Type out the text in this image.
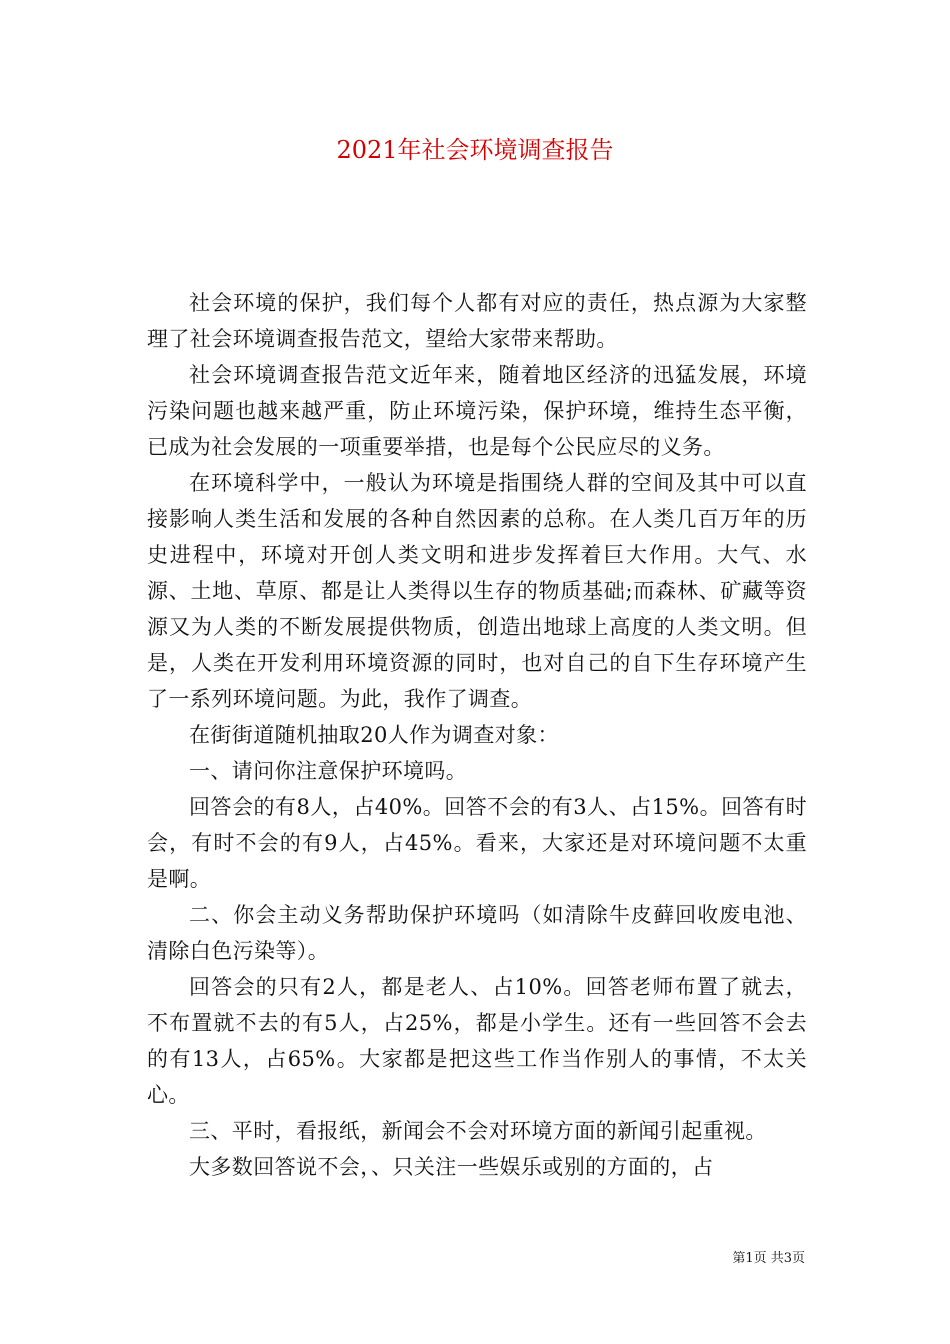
2021年社会环境调查报告

社会环境的保护，我们每个人都有对应的责任，热点源为大家整理了社会环境调查报告范文，望给大家带来帮助。

社会环境调查报告范文近年来，随着地区经济的迅猛发展，环境污染问题也越来越严重，防止环境污染，保护环境，维持生态平衡，已成为社会发展的一项重要举措，也是每个公民应尽的义务。

在环境科学中，一般认为环境是指围绕人群的空间及其中可以直接影响人类生活和发展的各种自然因素的总称。在人类几百万年的历史进程中，环境对开创人类文明和进步发挥着巨大作用。大气、水源、土地、草原、都是让人类得以生存的物质基础;而森林、矿藏等资源又为人类的不断发展提供物质，创造出地球上高度的人类文明。但是，人类在开发利用环境资源的同时，也对自己的自下生存环境产生了一系列环境问题。为此，我作了调查。

在街街道随机抽取20人作为调查对象：

一、请问你注意保护环境吗。

回答会的有8人，占40%。回答不会的有3人、占15%。回答有时会，有时不会的有9人，占45%。看来，大家还是对环境问题不太重是啊。

二、你会主动义务帮助保护环境吗（如清除牛皮藓回收废电池、清除白色污染等）。

回答会的只有2人，都是老人、占10%。回答老师布置了就去，不布置就不去的有5人，占25%，都是小学生。还有一些回答不会去的有13人，占65%。大家都是把这些工作当作别人的事情，不太关心。

三、平时，看报纸，新闻会不会对环境方面的新闻引起重视。

大多数回答说不会，、只关注一些娱乐或别的方面的，占

第1页 共3页
